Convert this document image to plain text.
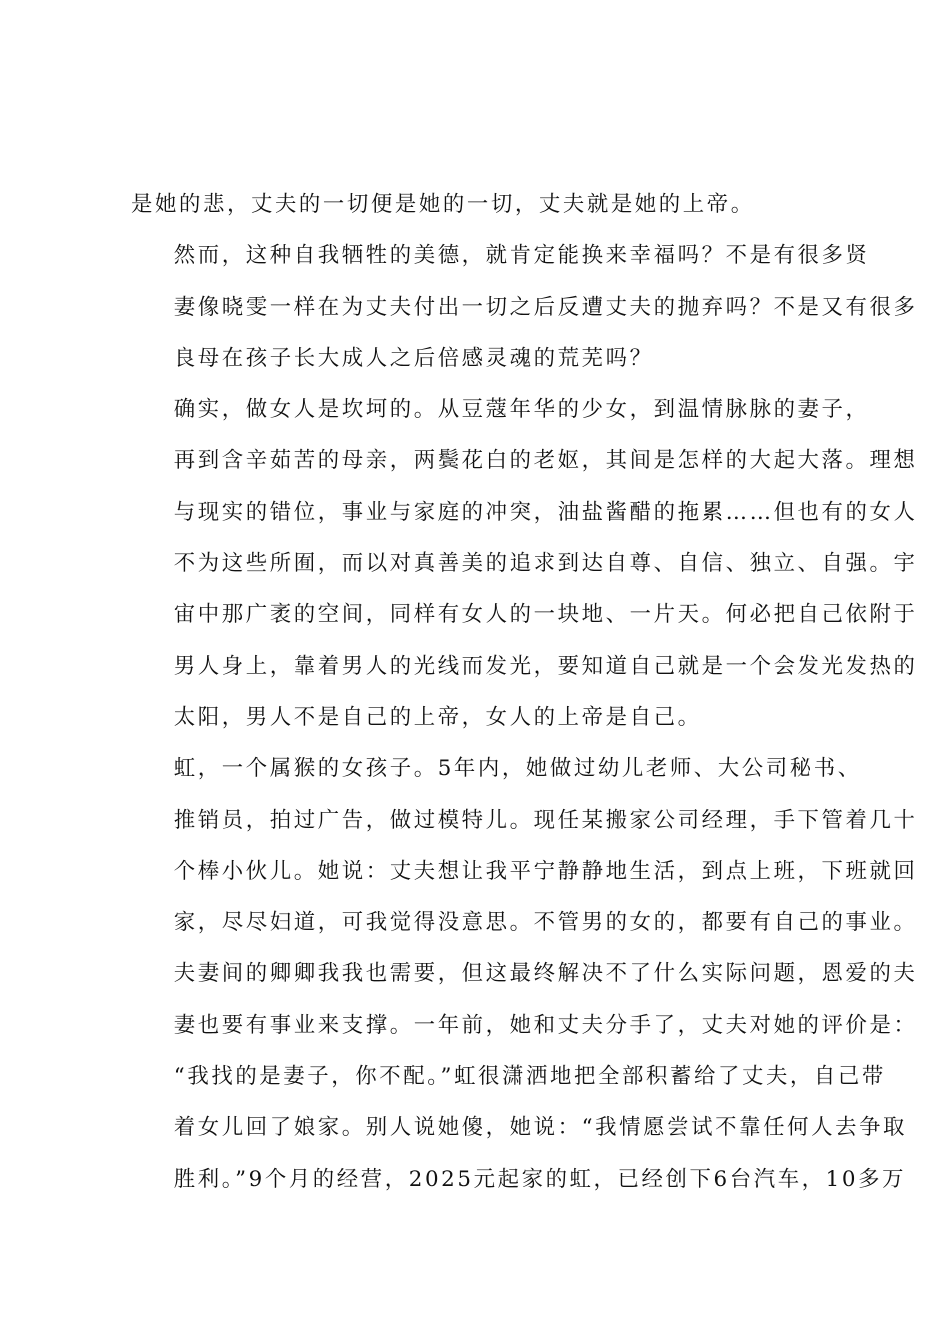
是她的悲，丈夫的一切便是她的一切，丈夫就是她的上帝。

然而，这种自我牺牲的美德，就肯定能换来幸福吗？不是有很多贤
妻像晓雯一样在为丈夫付出一切之后反遭丈夫的抛弃吗？不是又有很多
良母在孩子长大成人之后倍感灵魂的荒芜吗？

确实，做女人是坎坷的。从豆蔻年华的少女，到温情脉脉的妻子，
再到含辛茹苦的母亲，两鬓花白的老妪，其间是怎样的大起大落。理想
与现实的错位，事业与家庭的冲突，油盐酱醋的拖累……但也有的女人
不为这些所囿，而以对真善美的追求到达自尊、自信、独立、自强。宇
宙中那广袤的空间，同样有女人的一块地、一片天。何必把自己依附于
男人身上，靠着男人的光线而发光，要知道自己就是一个会发光发热的
太阳，男人不是自己的上帝，女人的上帝是自己。

虹，一个属猴的女孩子。5年内，她做过幼儿老师、大公司秘书、
推销员，拍过广告，做过模特儿。现任某搬家公司经理，手下管着几十
个棒小伙儿。她说：丈夫想让我平宁静静地生活，到点上班，下班就回
家，尽尽妇道，可我觉得没意思。不管男的女的，都要有自己的事业。
夫妻间的卿卿我我也需要，但这最终解决不了什么实际问题，恩爱的夫
妻也要有事业来支撑。一年前，她和丈夫分手了，丈夫对她的评价是：
“我找的是妻子，你不配。”虹很潇洒地把全部积蓄给了丈夫，自己带
着女儿回了娘家。别人说她傻，她说：“我情愿尝试不靠任何人去争取
胜利。”9个月的经营，2025元起家的虹，已经创下6台汽车，10多万
